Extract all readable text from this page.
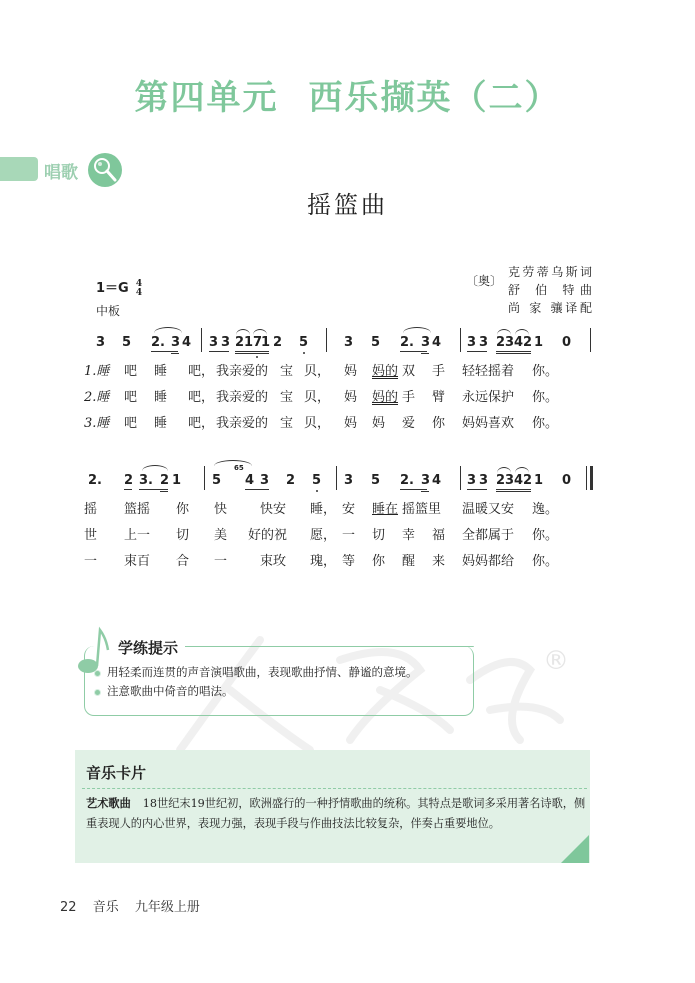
第四单元 西乐撷英（二）
唱歌
摇篮曲
1＝G 4
4
中板
〔奥〕
克劳蒂乌斯词
舒 伯 特曲
尚 家 骧译配
3 5 2. 3 4 3 3 2 1 7
1 2 5	3 5 2. 3 4 3 3 2 3 4 2 1 0
1.睡 吧 睡 吧， 我亲爱的 宝 贝， 妈 妈的 双 手 轻轻摇着 你。
2.睡 吧 睡 吧， 我亲爱的 宝 贝， 妈 妈的 手 臂 永远保护 你。
3.睡 吧 睡 吧， 我亲爱的 宝 贝， 妈 妈 爱 你 妈妈喜欢 你。
2. 2 3. 2 1 5
65
4 3 2 5 3 5 2. 3 4 3 3 2 3 4 2 1 0
摇 篮摇 你 快	快安 睡， 安 睡在 摇篮里 温暖又安 逸。
世 上一 切 美 好的祝 愿， 一 切 幸 福 全都属于 你。
一 束百 合 一	束玫 瑰， 等 你 醒 来 妈妈都给 你。
®
学练提示
用轻柔而连贯的声音演唱歌曲，表现歌曲抒情、静谧的意境。
注意歌曲中倚音的唱法。
音乐卡片
艺术歌曲 18世纪末19世纪初，欧洲盛行的一种抒情歌曲的统称。其特点是歌词多采用著名诗歌，侧重表现人的内心世界，表现力强，表现手段与作曲技法比较复杂，伴奏占重要地位。
22 音乐 九年级上册
